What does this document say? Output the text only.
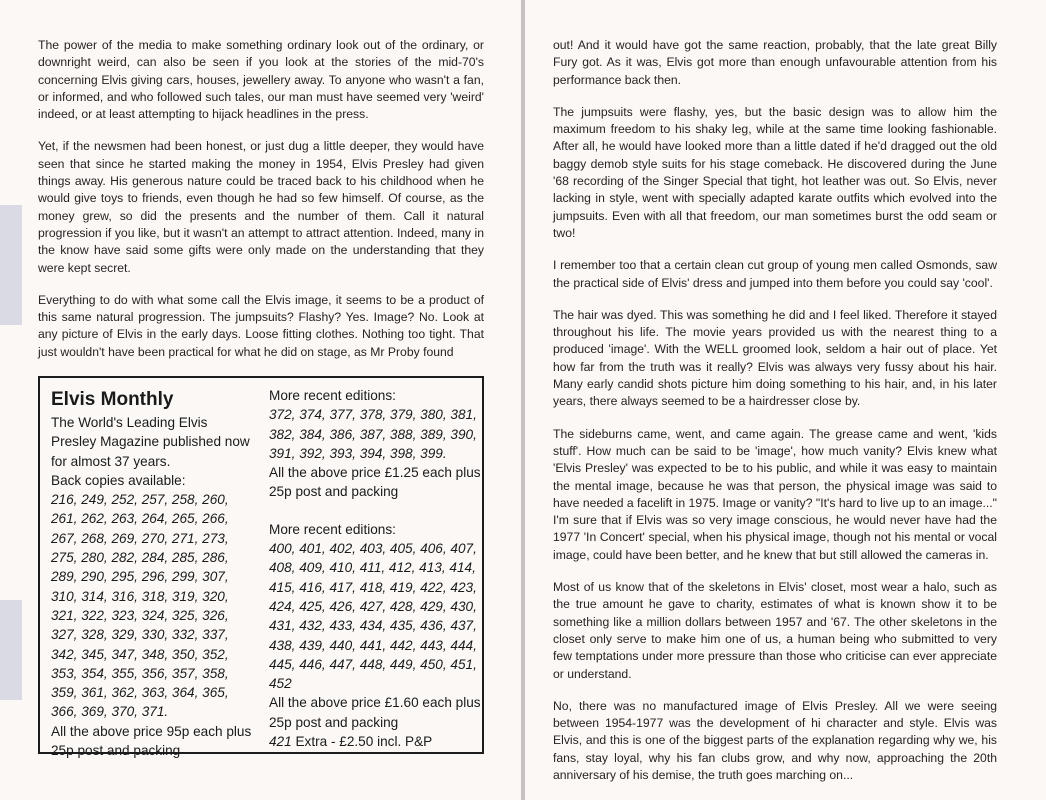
The power of the media to make something ordinary look out of the ordinary, or downright weird, can also be seen if you look at the stories of the mid-70's concerning Elvis giving cars, houses, jewellery away. To anyone who wasn't a fan, or informed, and who followed such tales, our man must have seemed very 'weird' indeed, or at least attempting to hijack headlines in the press.

Yet, if the newsmen had been honest, or just dug a little deeper, they would have seen that since he started making the money in 1954, Elvis Presley had given things away. His generous nature could be traced back to his childhood when he would give toys to friends, even though he had so few himself. Of course, as the money grew, so did the presents and the number of them. Call it natural progression if you like, but it wasn't an attempt to attract attention. Indeed, many in the know have said some gifts were only made on the understanding that they were kept secret.

Everything to do with what some call the Elvis image, it seems to be a product of this same natural progression. The jumpsuits? Flashy? Yes. Image? No. Look at any picture of Elvis in the early days. Loose fitting clothes. Nothing too tight. That just wouldn't have been practical for what he did on stage, as Mr Proby found

Elvis Monthly
The World's Leading Elvis Presley Magazine published now for almost 37 years.
Back copies available:
216, 249, 252, 257, 258, 260, 261, 262, 263, 264, 265, 266, 267, 268, 269, 270, 271, 273, 275, 280, 282, 284, 285, 286, 289, 290, 295, 296, 299, 307, 310, 314, 316, 318, 319, 320, 321, 322, 323, 324, 325, 326, 327, 328, 329, 330, 332, 337, 342, 345, 347, 348, 350, 352, 353, 354, 355, 356, 357, 358, 359, 361, 362, 363, 364, 365, 366, 369, 370, 371.
All the above price 95p each plus 25p post and packing
More recent editions:
372, 374, 377, 378, 379, 380, 381, 382, 384, 386, 387, 388, 389, 390, 391, 392, 393, 394, 398, 399.
All the above price £1.25 each plus 25p post and packing
More recent editions:
400, 401, 402, 403, 405, 406, 407, 408, 409, 410, 411, 412, 413, 414, 415, 416, 417, 418, 419, 422, 423, 424, 425, 426, 427, 428, 429, 430, 431, 432, 433, 434, 435, 436, 437, 438, 439, 440, 441, 442, 443, 444, 445, 446, 447, 448, 449, 450, 451, 452
All the above price £1.60 each plus 25p post and packing
421 Extra - £2.50 incl. P&P

out! And it would have got the same reaction, probably, that the late great Billy Fury got. As it was, Elvis got more than enough unfavourable attention from his performance back then.

The jumpsuits were flashy, yes, but the basic design was to allow him the maximum freedom to his shaky leg, while at the same time looking fashionable. After all, he would have looked more than a little dated if he'd dragged out the old baggy demob style suits for his stage comeback. He discovered during the June '68 recording of the Singer Special that tight, hot leather was out. So Elvis, never lacking in style, went with specially adapted karate outfits which evolved into the jumpsuits. Even with all that freedom, our man sometimes burst the odd seam or two!

I remember too that a certain clean cut group of young men called Osmonds, saw the practical side of Elvis' dress and jumped into them before you could say 'cool'.

The hair was dyed. This was something he did and I feel liked. Therefore it stayed throughout his life. The movie years provided us with the nearest thing to a produced 'image'. With the WELL groomed look, seldom a hair out of place. Yet how far from the truth was it really? Elvis was always very fussy about his hair. Many early candid shots picture him doing something to his hair, and, in his later years, there always seemed to be a hairdresser close by.

The sideburns came, went, and came again. The grease came and went, 'kids stuff'. How much can be said to be 'image', how much vanity? Elvis knew what 'Elvis Presley' was expected to be to his public, and while it was easy to maintain the mental image, because he was that person, the physical image was said to have needed a facelift in 1975. Image or vanity? "It's hard to live up to an image..." I'm sure that if Elvis was so very image conscious, he would never have had the 1977 'In Concert' special, when his physical image, though not his mental or vocal image, could have been better, and he knew that but still allowed the cameras in.

Most of us know that of the skeletons in Elvis' closet, most wear a halo, such as the true amount he gave to charity, estimates of what is known show it to be something like a million dollars between 1957 and '67. The other skeletons in the closet only serve to make him one of us, a human being who submitted to very few temptations under more pressure than those who criticise can ever appreciate or understand.

No, there was no manufactured image of Elvis Presley. All we were seeing between 1954-1977 was the development of hi character and style. Elvis was Elvis, and this is one of the biggest parts of the explanation regarding why we, his fans, stay loyal, why his fan clubs grow, and why now, approaching the 20th anniversary of his demise, the truth goes marching on...
